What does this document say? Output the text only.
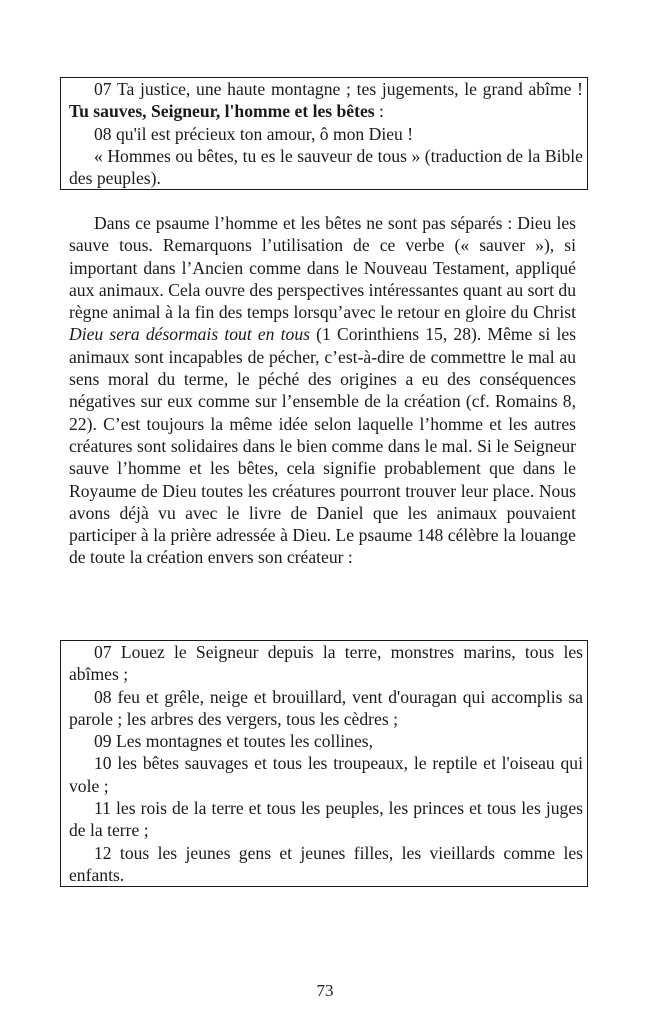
07 Ta justice, une haute montagne ; tes jugements, le grand abîme ! Tu sauves, Seigneur, l'homme et les bêtes :

08 qu'il est précieux ton amour, ô mon Dieu !

« Hommes ou bêtes, tu es le sauveur de tous » (traduction de la Bible des peuples).

Dans ce psaume l’homme et les bêtes ne sont pas séparés : Dieu les sauve tous. Remarquons l’utilisation de ce verbe (« sauver »), si important dans l’Ancien comme dans le Nouveau Testament, appliqué aux animaux. Cela ouvre des perspectives intéressantes quant au sort du règne animal à la fin des temps lorsqu’avec le retour en gloire du Christ Dieu sera désormais tout en tous (1 Corinthiens 15, 28). Même si les animaux sont incapables de pécher, c’est-à-dire de commettre le mal au sens moral du terme, le péché des origines a eu des conséquences négatives sur eux comme sur l’ensemble de la création (cf. Romains 8, 22). C’est toujours la même idée selon laquelle l’homme et les autres créatures sont solidaires dans le bien comme dans le mal. Si le Seigneur sauve l’homme et les bêtes, cela signifie probablement que dans le Royaume de Dieu toutes les créatures pourront trouver leur place. Nous avons déjà vu avec le livre de Daniel que les animaux pouvaient participer à la prière adressée à Dieu. Le psaume 148 célèbre la louange de toute la création envers son créateur :

07 Louez le Seigneur depuis la terre, monstres marins, tous les abîmes ;

08 feu et grêle, neige et brouillard, vent d'ouragan qui accomplis sa parole ; les arbres des vergers, tous les cèdres ;

09 Les montagnes et toutes les collines,

10 les bêtes sauvages et tous les troupeaux, le reptile et l'oiseau qui vole ;

11 les rois de la terre et tous les peuples, les princes et tous les juges de la terre ;

12 tous les jeunes gens et jeunes filles, les vieillards comme les enfants.

73
